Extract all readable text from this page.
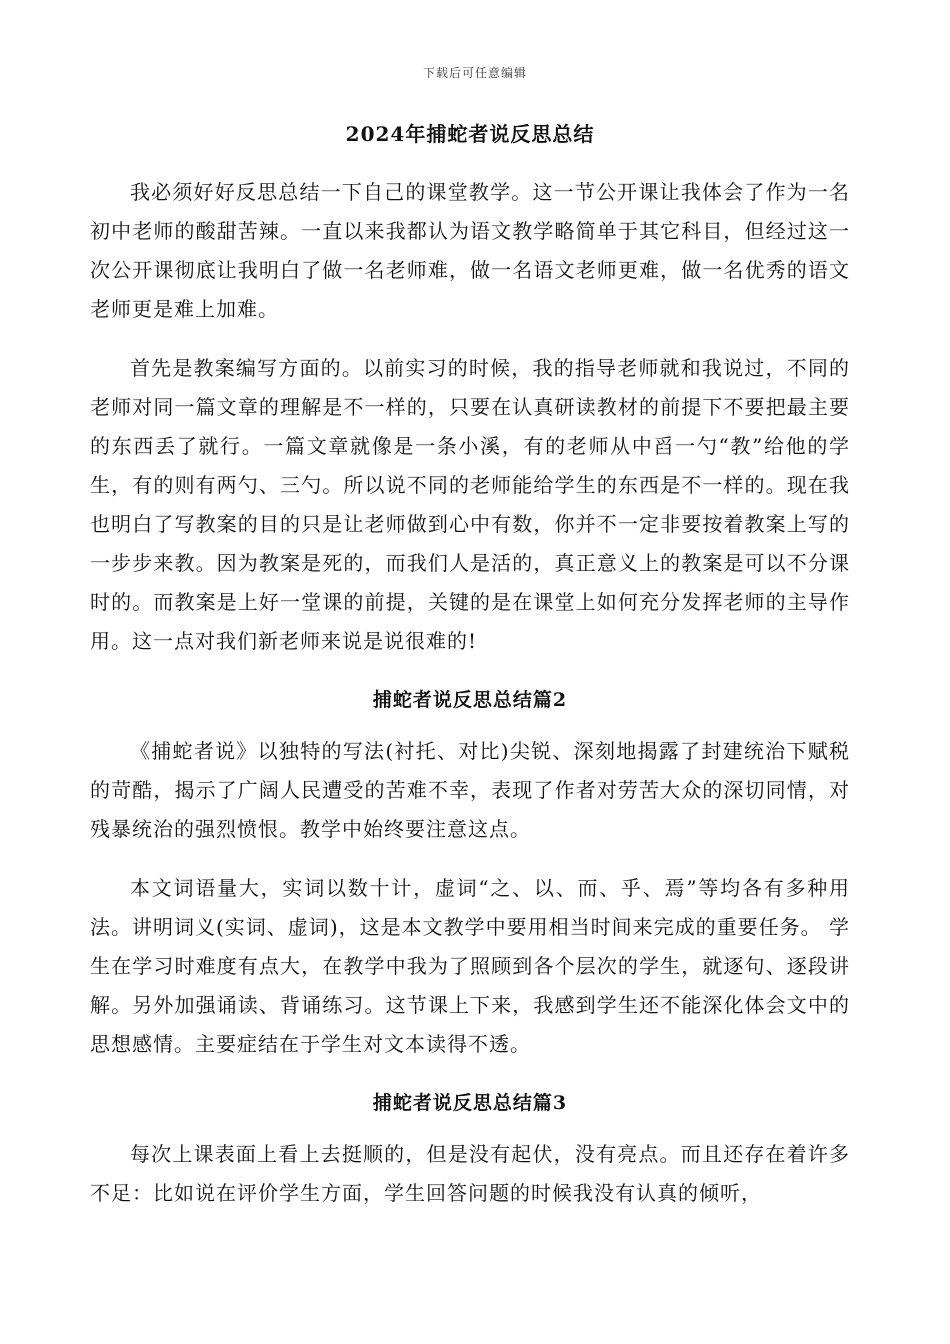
下载后可任意编辑
2024年捕蛇者说反思总结

我必须好好反思总结一下自己的课堂教学。这一节公开课让我体会了作为一名初中老师的酸甜苦辣。一直以来我都认为语文教学略简单于其它科目，但经过这一次公开课彻底让我明白了做一名老师难，做一名语文老师更难，做一名优秀的语文老师更是难上加难。

首先是教案编写方面的。以前实习的时候，我的指导老师就和我说过，不同的老师对同一篇文章的理解是不一样的，只要在认真研读教材的前提下不要把最主要的东西丢了就行。一篇文章就像是一条小溪，有的老师从中舀一勺“教”给他的学生，有的则有两勺、三勺。所以说不同的老师能给学生的东西是不一样的。现在我也明白了写教案的目的只是让老师做到心中有数，你并不一定非要按着教案上写的一步步来教。因为教案是死的，而我们人是活的，真正意义上的教案是可以不分课时的。而教案是上好一堂课的前提，关键的是在课堂上如何充分发挥老师的主导作用。这一点对我们新老师来说是说很难的!

捕蛇者说反思总结篇2

《捕蛇者说》以独特的写法(衬托、对比)尖锐、深刻地揭露了封建统治下赋税的苛酷，揭示了广阔人民遭受的苦难不幸，表现了作者对劳苦大众的深切同情，对残暴统治的强烈愤恨。教学中始终要注意这点。

本文词语量大，实词以数十计，虚词“之、以、而、乎、焉”等均各有多种用法。讲明词义(实词、虚词)，这是本文教学中要用相当时间来完成的重要任务。 学生在学习时难度有点大，在教学中我为了照顾到各个层次的学生，就逐句、逐段讲解。另外加强诵读、背诵练习。这节课上下来，我感到学生还不能深化体会文中的思想感情。主要症结在于学生对文本读得不透。

捕蛇者说反思总结篇3

每次上课表面上看上去挺顺的，但是没有起伏，没有亮点。而且还存在着许多不足：比如说在评价学生方面，学生回答问题的时候我没有认真的倾听，
